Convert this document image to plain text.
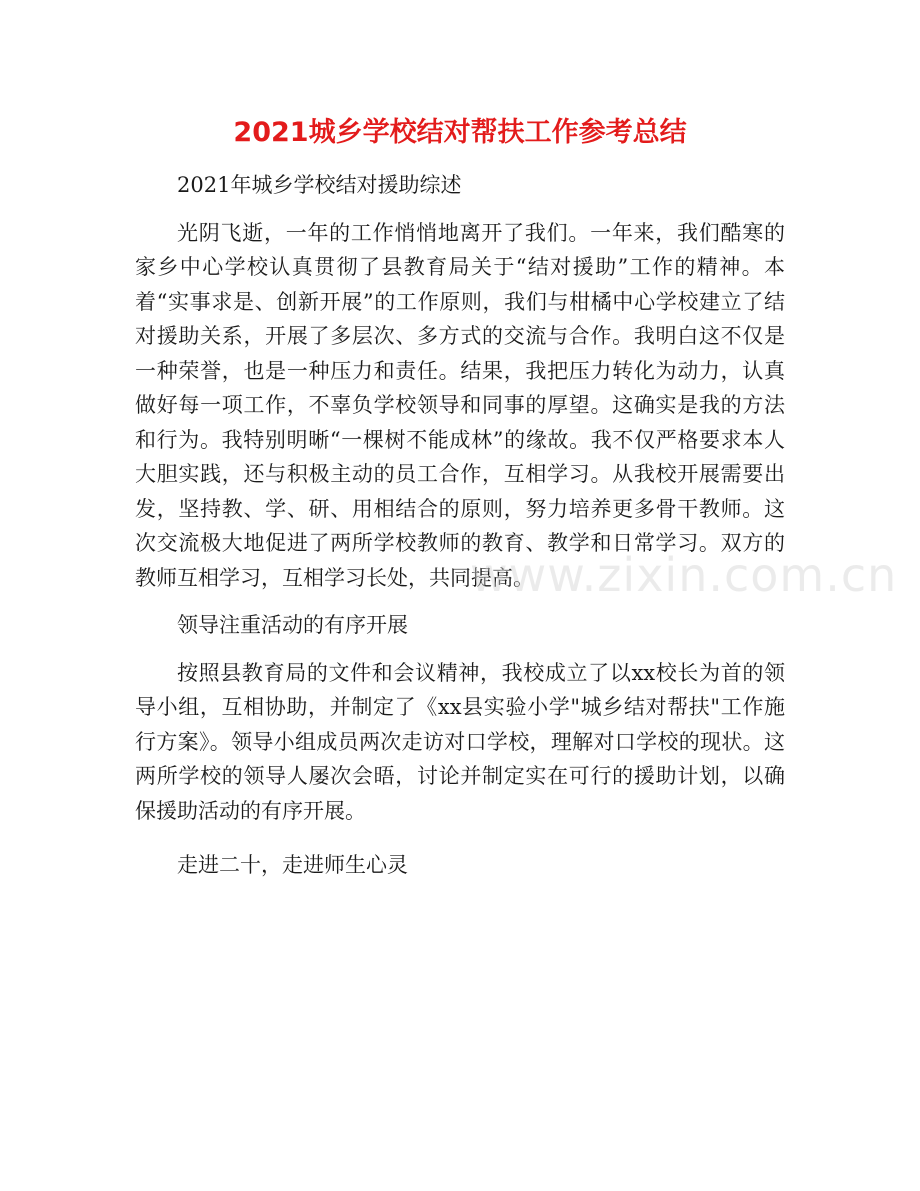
2021城乡学校结对帮扶工作参考总结

2021年城乡学校结对援助综述

光阴飞逝，一年的工作悄悄地离开了我们。一年来，我们酷寒的家乡中心学校认真贯彻了县教育局关于“结对援助”工作的精神。本着“实事求是、创新开展”的工作原则，我们与柑橘中心学校建立了结对援助关系，开展了多层次、多方式的交流与合作。我明白这不仅是一种荣誉，也是一种压力和责任。结果，我把压力转化为动力，认真做好每一项工作，不辜负学校领导和同事的厚望。这确实是我的方法和行为。我特别明晰“一棵树不能成林”的缘故。我不仅严格要求本人大胆实践，还与积极主动的员工合作，互相学习。从我校开展需要出发，坚持教、学、研、用相结合的原则，努力培养更多骨干教师。这次交流极大地促进了两所学校教师的教育、教学和日常学习。双方的教师互相学习，互相学习长处，共同提高。

领导注重活动的有序开展

按照县教育局的文件和会议精神，我校成立了以xx校长为首的领导小组，互相协助，并制定了《xx县实验小学"城乡结对帮扶"工作施行方案》。领导小组成员两次走访对口学校，理解对口学校的现状。这两所学校的领导人屡次会晤，讨论并制定实在可行的援助计划，以确保援助活动的有序开展。

走进二十，走进师生心灵

www.zixin.com.cn
